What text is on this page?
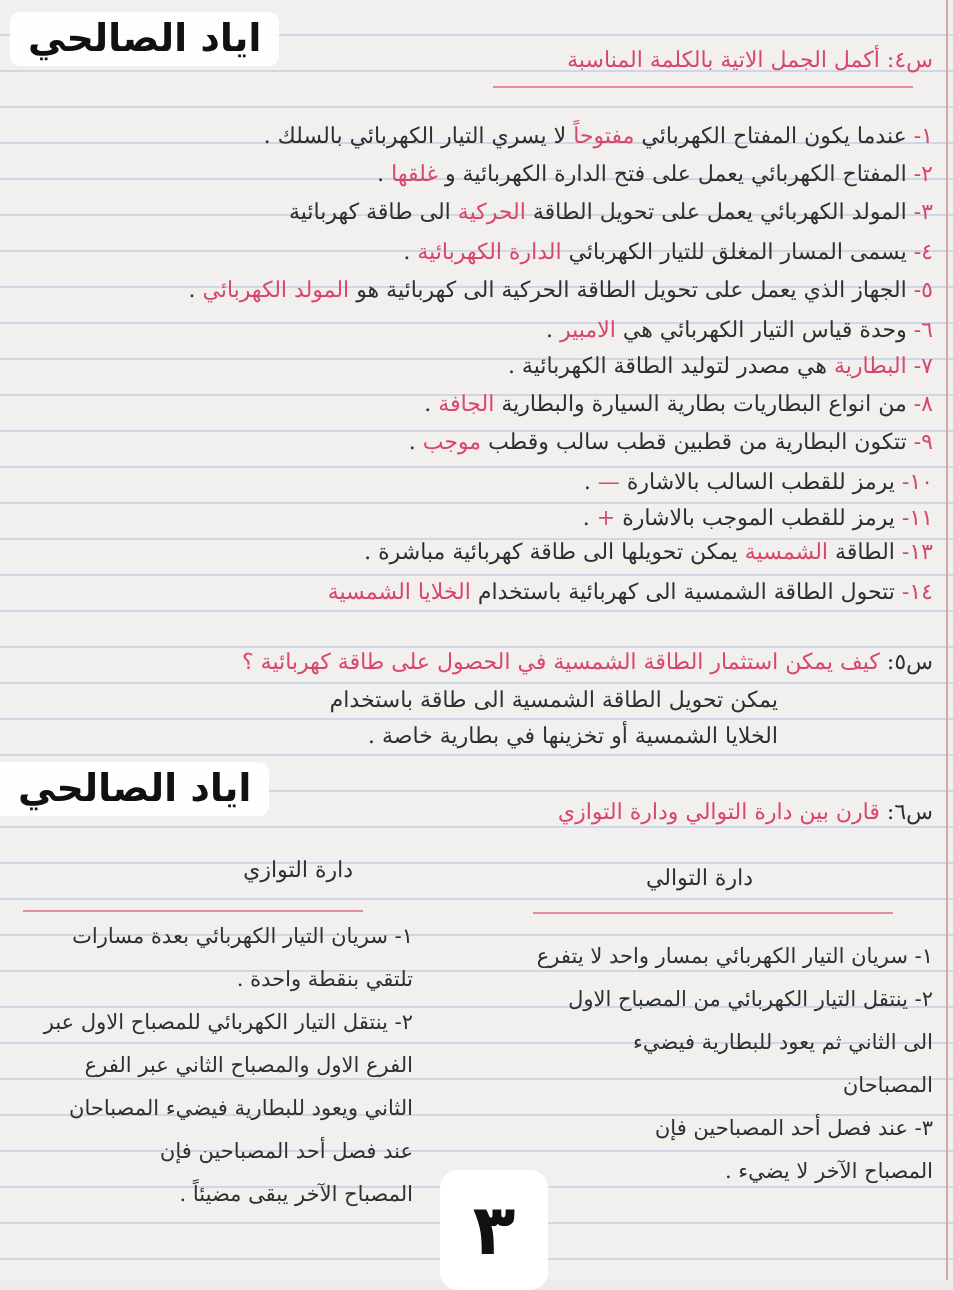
اياد الصالحي
اياد الصالحي
س٤: أكمل الجمل الاتية بالكلمة المناسبة
١- عندما يكون المفتاح الكهربائي مفتوحاً لا يسري التيار الكهربائي بالسلك .
٢- المفتاح الكهربائي يعمل على فتح الدارة الكهربائية و غلقها .
٣- المولد الكهربائي يعمل على تحويل الطاقة الحركية الى طاقة كهربائية
٤- يسمى المسار المغلق للتيار الكهربائي الدارة الكهربائية .
٥- الجهاز الذي يعمل على تحويل الطاقة الحركية الى كهربائية هو المولد الكهربائي .
٦- وحدة قياس التيار الكهربائي هي الامبير .
٧- البطارية هي مصدر لتوليد الطاقة الكهربائية .
٨- من انواع البطاريات بطارية السيارة والبطارية الجافة .
٩- تتكون البطارية من قطبين قطب سالب وقطب موجب .
١٠- يرمز للقطب السالب بالاشارة — .
١١- يرمز للقطب الموجب بالاشارة + .
١٣- الطاقة الشمسية يمكن تحويلها الى طاقة كهربائية مباشرة .
١٤- تتحول الطاقة الشمسية الى كهربائية باستخدام الخلايا الشمسية
س٥: كيف يمكن استثمار الطاقة الشمسية في الحصول على طاقة كهربائية ؟
يمكن تحويل الطاقة الشمسية الى طاقة باستخدام
الخلايا الشمسية أو تخزينها في بطارية خاصة .
س٦: قارن بين دارة التوالي ودارة التوازي
دارة التوالي
دارة التوازي

١- سريان التيار الكهربائي بمسار واحد لا يتفرع

٢- ينتقل التيار الكهربائي من المصباح الاول

الى الثاني ثم يعود للبطارية فيضيء

المصباحان

٣- عند فصل أحد المصباحين فإن

المصباح الآخر لا يضيء .

١- سريان التيار الكهربائي بعدة مسارات

تلتقي بنقطة واحدة .

٢- ينتقل التيار الكهربائي للمصباح الاول عبر

الفرع الاول والمصباح الثاني عبر الفرع

الثاني ويعود للبطارية فيضيء المصباحان

عند فصل أحد المصباحين فإن

المصباح الآخر يبقى مضيئاً . ٣
